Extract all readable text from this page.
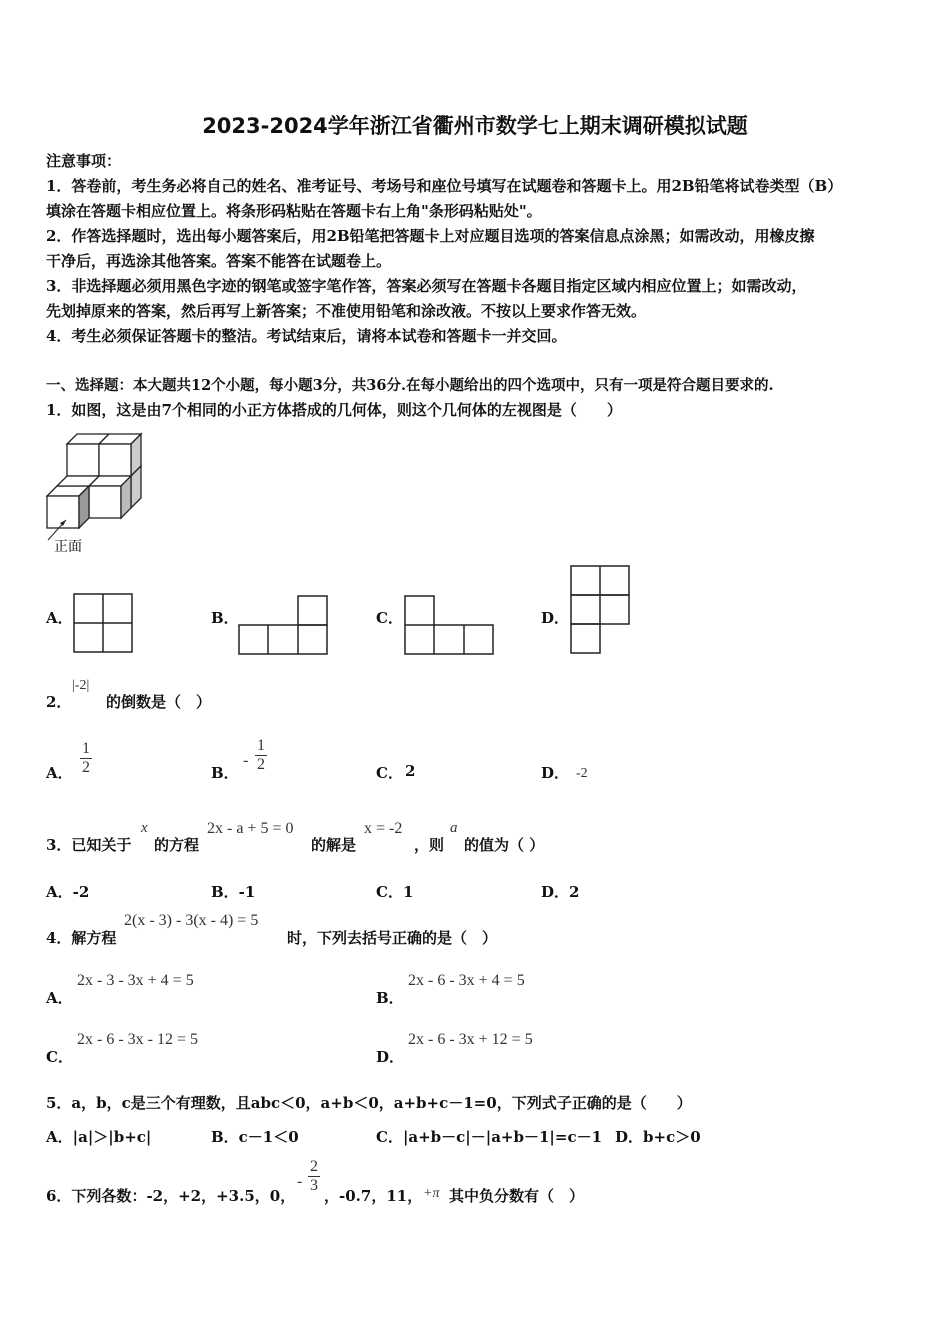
2023-2024学年浙江省衢州市数学七上期末调研模拟试题
注意事项：
1．答卷前，考生务必将自己的姓名、准考证号、考场号和座位号填写在试题卷和答题卡上。用2B铅笔将试卷类型（B）
填涂在答题卡相应位置上。将条形码粘贴在答题卡右上角"条形码粘贴处"。
2．作答选择题时，选出每小题答案后，用2B铅笔把答题卡上对应题目选项的答案信息点涂黑；如需改动，用橡皮擦
干净后，再选涂其他答案。答案不能答在试题卷上。
3．非选择题必须用黑色字迹的钢笔或签字笔作答，答案必须写在答题卡各题目指定区域内相应位置上；如需改动，
先划掉原来的答案，然后再写上新答案；不准使用铅笔和涂改液。不按以上要求作答无效。
4．考生必须保证答题卡的整洁。考试结束后，请将本试卷和答题卡一并交回。
一、选择题：本大题共12个小题，每小题3分，共36分.在每小题给出的四个选项中，只有一项是符合题目要求的.
1．如图，这是由7个相同的小正方体搭成的几何体，则这个几何体的左视图是（　　）
正面
A．	B．	C．	D．
2．
|-2|
的倒数是（　）
A． $\frac{1}{2}$	B．
- $\frac{1}{2}$	C． 2	D． -2
3．已知关于
x
的方程
2x - a + 5 = 0
的解是
x = -2
，则
a
的值为（ ）
A．-2	B．-1	C．1	D．2
4．解方程
2(x - 3) - 3(x - 4) = 5
时，下列去括号正确的是（　）
A．
2x - 3 - 3x + 4 = 5
B．
2x - 6 - 3x + 4 = 5
C．
2x - 6 - 3x - 12 = 5
D．
2x - 6 - 3x + 12 = 5
5．a，b，c是三个有理数，且abc＜0，a+b＜0，a+b+c－1=0，下列式子正确的是（　　）
A．|a|＞|b+c|	B．c－1＜0	C．|a+b－c|－|a+b－1|=c－1 D．b+c＞0
6．下列各数：-2，+2，+3.5，0，
- $\frac{2}{3}$
，-0.7，11， +π 其中负分数有（　）
